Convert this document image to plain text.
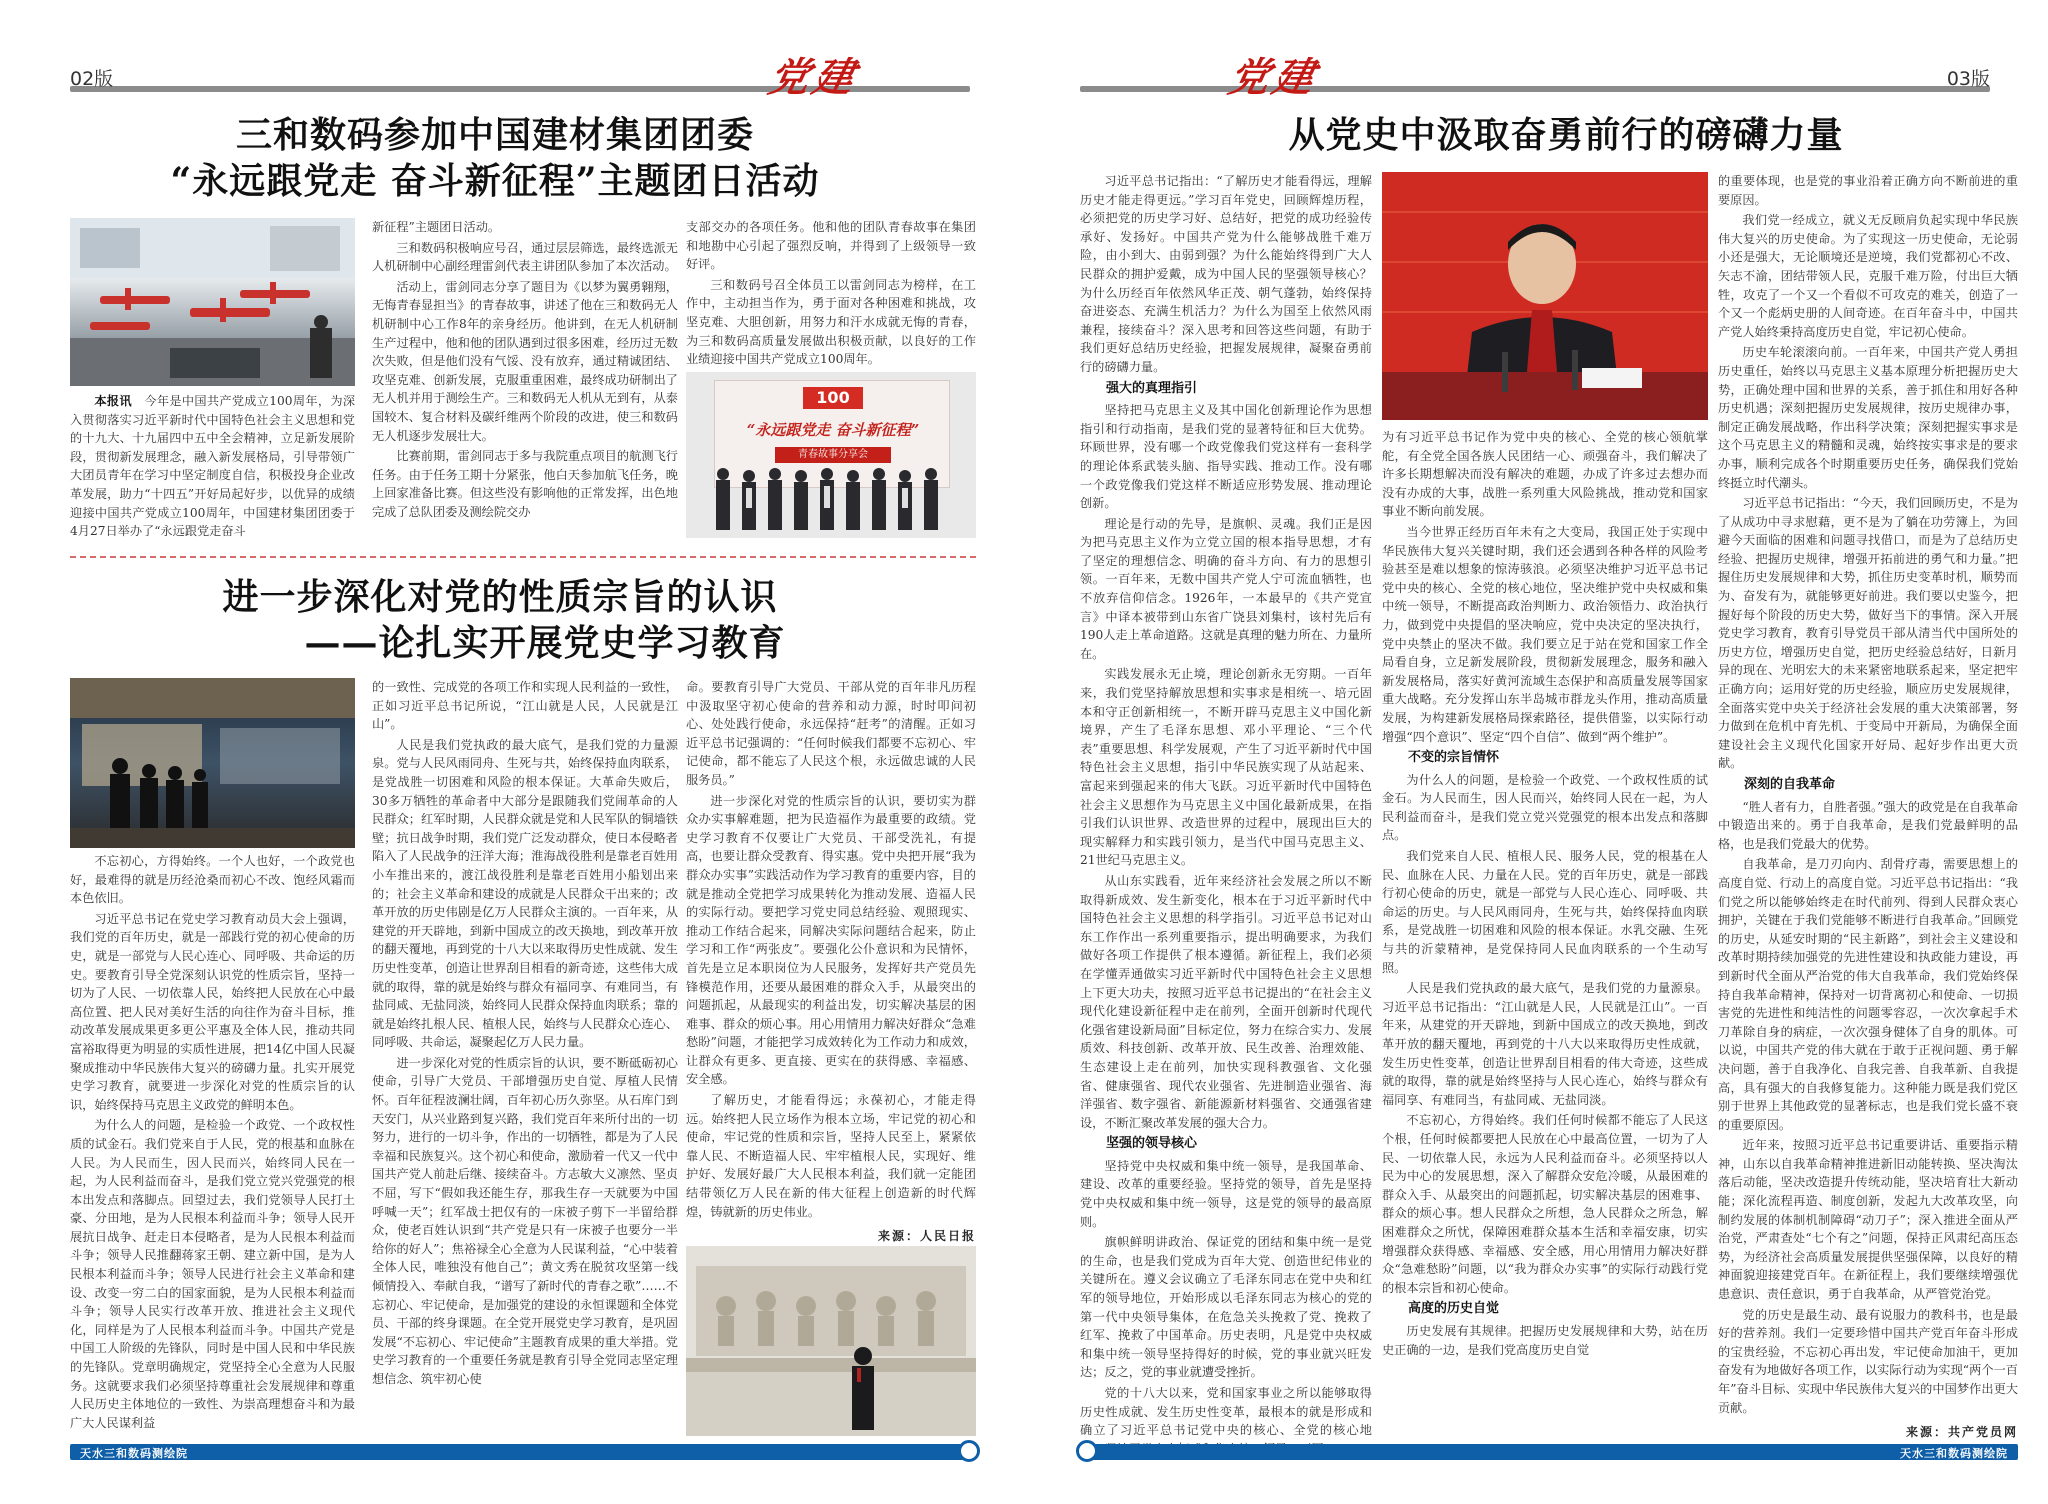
02版	党建
三和数码参加中国建材集团团委
“永远跟党走 奋斗新征程”主题团日活动

本报讯　 今年是中国共产党成立100周年，为深入贯彻落实习近平新时代中国特色社会主义思想和党的十九大、十九届四中五中全会精神，立足新发展阶段，贯彻新发展理念，融入新发展格局，引导带领广大团员青年在学习中坚定制度自信，积极投身企业改革发展，助力“十四五”开好局起好步，以优异的成绩迎接中国共产党成立100周年，中国建材集团团委于4月27日举办了“永远跟党走奋斗

新征程”主题团日活动。

三和数码积极响应号召，通过层层筛选，最终选派无人机研制中心副经理雷剑代表主讲团队参加了本次活动。

活动上，雷剑同志分享了题目为《以梦为翼勇翱翔，无悔青春显担当》的青春故事，讲述了他在三和数码无人机研制中心工作8年的亲身经历。他讲到，在无人机研制生产过程中，他和他的团队遇到过很多困难，经历过无数次失败，但是他们没有气馁、没有放弃，通过精诚团结、攻坚克难、创新发展，克服重重困难，最终成功研制出了无人机并用于测绘生产。三和数码无人机从无到有，从泰国较木、复合材料及碳纤维两个阶段的改进，使三和数码无人机逐步发展壮大。

比赛前期，雷剑同志于多与我院重点项目的航测飞行任务。由于任务工期十分紧张，他白天参加航飞任务，晚上回家准备比赛。但这些没有影响他的正常发挥，出色地完成了总队团委及测绘院交办

支部交办的各项任务。他和他的团队青春故事在集团和地勘中心引起了强烈反响，并得到了上级领导一致好评。

三和数码号召全体员工以雷剑同志为榜样，在工作中，主动担当作为，勇于面对各种困难和挑战，攻坚克难、大胆创新，用努力和汗水成就无悔的青春，为三和数码高质量发展做出积极贡献，以良好的工作业绩迎接中国共产党成立100周年。

100
“永远跟党走 奋斗新征程”
青春故事分享会
进一步深化对党的性质宗旨的认识
——论扎实开展党史学习教育

不忘初心，方得始终。一个人也好，一个政党也好，最难得的就是历经沧桑而初心不改、饱经风霜而本色依旧。

习近平总书记在党史学习教育动员大会上强调，我们党的百年历史，就是一部践行党的初心使命的历史，就是一部党与人民心连心、同呼吸、共命运的历史。要教育引导全党深刻认识党的性质宗旨，坚持一切为了人民、一切依靠人民，始终把人民放在心中最高位置、把人民对美好生活的向往作为奋斗目标，推动改革发展成果更多更公平惠及全体人民，推动共同富裕取得更为明显的实质性进展，把14亿中国人民凝聚成推动中华民族伟大复兴的磅礴力量。扎实开展党史学习教育，就要进一步深化对党的性质宗旨的认识，始终保持马克思主义政党的鲜明本色。

为什么人的问题，是检验一个政党、一个政权性质的试金石。我们党来自于人民，党的根基和血脉在人民。为人民而生，因人民而兴，始终同人民在一起，为人民利益而奋斗，是我们党立党兴党强党的根本出发点和落脚点。回望过去，我们党领导人民打土豪、分田地，是为人民根本利益而斗争；领导人民开展抗日战争、赶走日本侵略者，是为人民根本利益而斗争；领导人民推翻蒋家王朝、建立新中国，是为人民根本利益而斗争；领导人民进行社会主义革命和建设、改变一穷二白的国家面貌，是为人民根本利益而斗争；领导人民实行改革开放、推进社会主义现代化，同样是为了人民根本利益而斗争。中国共产党是中国工人阶级的先锋队，同时是中国人民和中华民族的先锋队。党章明确规定，党坚持全心全意为人民服务。这就要求我们必须坚持尊重社会发展规律和尊重人民历史主体地位的一致性、为崇高理想奋斗和为最广大人民谋利益

的一致性、完成党的各项工作和实现人民利益的一致性，正如习近平总书记所说，“江山就是人民，人民就是江山”。

人民是我们党执政的最大底气，是我们党的力量源泉。党与人民风雨同舟、生死与共，始终保持血肉联系，是党战胜一切困难和风险的根本保证。大革命失败后，30多万牺牲的革命者中大部分是跟随我们党闹革命的人民群众；红军时期，人民群众就是党和人民军队的铜墙铁壁；抗日战争时期，我们党广泛发动群众，使日本侵略者陷入了人民战争的汪洋大海；淮海战役胜利是靠老百姓用小车推出来的，渡江战役胜利是靠老百姓用小船划出来的；社会主义革命和建设的成就是人民群众干出来的；改革开放的历史伟剧是亿万人民群众主演的。一百年来，从建党的开天辟地，到新中国成立的改天换地，到改革开放的翻天覆地，再到党的十八大以来取得历史性成就、发生历史性变革，创造让世界刮目相看的新奇迹，这些伟大成就的取得，靠的就是始终与群众有福同享、有难同当，有盐同咸、无盐同淡，始终同人民群众保持血肉联系；靠的就是始终扎根人民、植根人民，始终与人民群众心连心、同呼吸、共命运，凝聚起亿万人民力量。

进一步深化对党的性质宗旨的认识，要不断砥砺初心使命，引导广大党员、干部增强历史自觉、厚植人民情怀。百年征程波澜壮阔，百年初心历久弥坚。从石库门到天安门，从兴业路到复兴路，我们党百年来所付出的一切努力，进行的一切斗争，作出的一切牺牲，都是为了人民幸福和民族复兴。这个初心和使命，激励着一代又一代中国共产党人前赴后继、接续奋斗。方志敏大义凛然、坚贞不屈，写下“假如我还能生存，那我生存一天就要为中国呼喊一天”；红军战士把仅有的一床被子剪下一半留给群众，使老百姓认识到“共产党是只有一床被子也要分一半给你的好人”；焦裕禄全心全意为人民谋利益，“心中装着全体人民，唯独没有他自己”；黄文秀在脱贫攻坚第一线倾情投入、奉献自我，“谱写了新时代的青春之歌”……不忘初心、牢记使命，是加强党的建设的永恒课题和全体党员、干部的终身课题。在全党开展党史学习教育，是巩固发展“不忘初心、牢记使命”主题教育成果的重大举措。党史学习教育的一个重要任务就是教育引导全党同志坚定理想信念、筑牢初心使

命。要教育引导广大党员、干部从党的百年非凡历程中汲取坚守初心使命的营养和动力源，时时叩问初心、处处践行使命，永远保持“赶考”的清醒。正如习近平总书记强调的：“任何时候我们都要不忘初心、牢记使命，都不能忘了人民这个根，永远做忠诚的人民服务员。”

进一步深化对党的性质宗旨的认识，要切实为群众办实事解难题，把为民造福作为最重要的政绩。党史学习教育不仅要让广大党员、干部受洗礼，有提高，也要让群众受教育、得实惠。党中央把开展“我为群众办实事”实践活动作为学习教育的重要内容，目的就是推动全党把学习成果转化为推动发展、造福人民的实际行动。要把学习党史同总结经验、观照现实、推动工作结合起来，同解决实际问题结合起来，防止学习和工作“两张皮”。要强化公仆意识和为民情怀，首先是立足本职岗位为人民服务，发挥好共产党员先锋模范作用，还要从最困难的群众入手，从最突出的问题抓起，从最现实的利益出发，切实解决基层的困难事、群众的烦心事。用心用情用力解决好群众“急难愁盼”问题，才能把学习成效转化为工作动力和成效，让群众有更多、更直接、更实在的获得感、幸福感、安全感。

了解历史，才能看得远；永葆初心，才能走得远。始终把人民立场作为根本立场，牢记党的初心和使命，牢记党的性质和宗旨，坚持人民至上，紧紧依靠人民、不断造福人民、牢牢植根人民，实现好、维护好、发展好最广大人民根本利益，我们就一定能团结带领亿万人民在新的伟大征程上创造新的时代辉煌，铸就新的历史伟业。

来源：人民日报

天水三和数码测绘院
党建	03版
从党史中汲取奋勇前行的磅礴力量

习近平总书记指出：“了解历史才能看得远，理解历史才能走得更远。”学习百年党史，回顾辉煌历程，必须把党的历史学习好、总结好，把党的成功经验传承好、发扬好。中国共产党为什么能够战胜千难万险，由小到大、由弱到强？为什么能始终得到广大人民群众的拥护爱戴，成为中国人民的坚强领导核心？为什么历经百年依然风华正茂、朝气蓬勃，始终保持奋进姿态、充满生机活力？为什么为国至上依然风雨兼程，接续奋斗？深入思考和回答这些问题，有助于我们更好总结历史经验，把握发展规律，凝聚奋勇前行的磅礴力量。

强大的真理指引

坚持把马克思主义及其中国化创新理论作为思想指引和行动指南，是我们党的显著特征和巨大优势。环顾世界，没有哪一个政党像我们党这样有一套科学的理论体系武装头脑、指导实践、推动工作。没有哪一个政党像我们党这样不断适应形势发展、推动理论创新。

理论是行动的先导，是旗帜、灵魂。我们正是因为把马克思主义作为立党立国的根本指导思想，才有了坚定的理想信念、明确的奋斗方向、有力的思想引领。一百年来，无数中国共产党人宁可流血牺牲，也不放弃信仰信念。1926年，一本最早的《共产党宣言》中译本被带到山东省广饶县刘集村，该村先后有190人走上革命道路。这就是真理的魅力所在、力量所在。

实践发展永无止境，理论创新永无穷期。一百年来，我们党坚持解放思想和实事求是相统一、培元固本和守正创新相统一，不断开辟马克思主义中国化新境界，产生了毛泽东思想、邓小平理论、“三个代表”重要思想、科学发展观，产生了习近平新时代中国特色社会主义思想，指引中华民族实现了从站起来、富起来到强起来的伟大飞跃。习近平新时代中国特色社会主义思想作为马克思主义中国化最新成果，在指引我们认识世界、改造世界的过程中，展现出巨大的现实解释力和实践引领力，是当代中国马克思主义、21世纪马克思主义。

从山东实践看，近年来经济社会发展之所以不断取得新成效、发生新变化，根本在于习近平新时代中国特色社会主义思想的科学指引。习近平总书记对山东工作作出一系列重要指示，提出明确要求，为我们做好各项工作提供了根本遵循。新征程上，我们必须在学懂弄通做实习近平新时代中国特色社会主义思想上下更大功夫，按照习近平总书记提出的“在社会主义现代化建设新征程中走在前列，全面开创新时代现代化强省建设新局面”目标定位，努力在综合实力、发展质效、科技创新、改革开放、民生改善、治理效能、生态建设上走在前列，加快实现科教强省、文化强省、健康强省、现代农业强省、先进制造业强省、海洋强省、数字强省、新能源新材料强省、交通强省建设，不断汇聚改革发展的强大合力。

坚强的领导核心

坚持党中央权威和集中统一领导，是我国革命、建设、改革的重要经验。坚持党的领导，首先是坚持党中央权威和集中统一领导，这是党的领导的最高原则。

旗帜鲜明讲政治、保证党的团结和集中统一是党的生命，也是我们党成为百年大党、创造世纪伟业的关键所在。遵义会议确立了毛泽东同志在党中央和红军的领导地位，开始形成以毛泽东同志为核心的党的第一代中央领导集体，在危急关头挽救了党、挽救了红军、挽救了中国革命。历史表明，凡是党中央权威和集中统一领导坚持得好的时候，党的事业就兴旺发达；反之，党的事业就遭受挫折。

党的十八大以来，党和国家事业之所以能够取得历史性成就、发生历史性变革，最根本的就是形成和确立了习近平总书记党中央的核心、全党的核心地

为有习近平总书记作为党中央的核心、全党的核心领航掌舵，有全党全国各族人民团结一心、顽强奋斗，我们解决了许多长期想解决而没有解决的难题，办成了许多过去想办而没有办成的大事，战胜一系列重大风险挑战，推动党和国家事业不断向前发展。

当今世界正经历百年未有之大变局，我国正处于实现中华民族伟大复兴关键时期，我们还会遇到各种各样的风险考验甚至是难以想象的惊涛骇浪。必须坚决维护习近平总书记党中央的核心、全党的核心地位，坚决维护党中央权威和集中统一领导，不断提高政治判断力、政治领悟力、政治执行力，做到党中央提倡的坚决响应，党中央决定的坚决执行，党中央禁止的坚决不做。我们要立足于站在党和国家工作全局看自身，立足新发展阶段，贯彻新发展理念，服务和融入新发展格局，落实好黄河流域生态保护和高质量发展等国家重大战略。充分发挥山东半岛城市群龙头作用，推动高质量发展，为构建新发展格局探索路径，提供借鉴，以实际行动增强“四个意识”、坚定“四个自信”、做到“两个维护”。

不变的宗旨情怀

为什么人的问题，是检验一个政党、一个政权性质的试金石。为人民而生，因人民而兴，始终同人民在一起，为人民利益而奋斗，是我们党立党兴党强党的根本出发点和落脚点。

我们党来自人民、植根人民、服务人民，党的根基在人民、血脉在人民、力量在人民。党的百年历史，就是一部践行初心使命的历史，就是一部党与人民心连心、同呼吸、共命运的历史。与人民风雨同舟，生死与共，始终保持血肉联系，是党战胜一切困难和风险的根本保证。水乳交融、生死与共的沂蒙精神，是党保持同人民血肉联系的一个生动写照。

人民是我们党执政的最大底气，是我们党的力量源泉。习近平总书记指出：“江山就是人民，人民就是江山”。一百年来，从建党的开天辟地，到新中国成立的改天换地，到改革开放的翻天覆地，再到党的十八大以来取得历史性成就，发生历史性变革，创造让世界刮目相看的伟大奇迹，这些成就的取得，靠的就是始终坚持与人民心连心，始终与群众有福同享、有难同当，有盐同咸、无盐同淡。

不忘初心，方得始终。我们任何时候都不能忘了人民这个根，任何时候都要把人民放在心中最高位置，一切为了人民、一切依靠人民，永远为人民利益而奋斗。必须坚持以人民为中心的发展思想，深入了解群众安危冷暖，从最困难的群众入手、从最突出的问题抓起，切实解决基层的困难事、群众的烦心事。想人民群众之所想，急人民群众之所急，解困难群众之所忧，保障困难群众基本生活和幸福安康，切实增强群众获得感、幸福感、安全感，用心用情用力解决好群众“急难愁盼”问题，以“我为群众办实事”的实际行动践行党的根本宗旨和初心使命。

高度的历史自觉

历史发展有其规律。把握历史发展规律和大势，站在历史正确的一边，是我们党高度历史自觉

的重要体现，也是党的事业沿着正确方向不断前进的重要原因。

我们党一经成立，就义无反顾肩负起实现中华民族伟大复兴的历史使命。为了实现这一历史使命，无论弱小还是强大，无论顺境还是逆境，我们党都初心不改、矢志不渝，团结带领人民，克服千难万险，付出巨大牺牲，攻克了一个又一个看似不可攻克的难关，创造了一个又一个彪炳史册的人间奇迹。在百年奋斗中，中国共产党人始终秉持高度历史自觉，牢记初心使命。

历史车轮滚滚向前。一百年来，中国共产党人勇担历史重任，始终以马克思主义基本原理分析把握历史大势，正确处理中国和世界的关系，善于抓住和用好各种历史机遇；深刻把握历史发展规律，按历史规律办事，制定正确发展战略，作出科学决策；深刻把握实事求是这个马克思主义的精髓和灵魂，始终按实事求是的要求办事，顺利完成各个时期重要历史任务，确保我们党始终挺立时代潮头。

习近平总书记指出：“今天，我们回顾历史，不是为了从成功中寻求慰藉，更不是为了躺在功劳簿上，为回避今天面临的困难和问题寻找借口，而是为了总结历史经验、把握历史规律，增强开拓前进的勇气和力量。”把握住历史发展规律和大势，抓住历史变革时机，顺势而为、奋发有为，就能够更好前进。我们要以史鉴今，把握好每个阶段的历史大势，做好当下的事情。深入开展党史学习教育，教育引导党员干部从清当代中国所处的历史方位，增强历史自觉，把历史经验总结好，日新月异的现在、光明宏大的未来紧密地联系起来，坚定把牢正确方向；运用好党的历史经验，顺应历史发展规律，全面落实党中央关于经济社会发展的重大决策部署，努力做到在危机中育先机、于变局中开新局，为确保全面建设社会主义现代化国家开好局、起好步作出更大贡献。

深刻的自我革命

“胜人者有力，自胜者强。”强大的政党是在自我革命中锻造出来的。勇于自我革命，是我们党最鲜明的品格，也是我们党最大的优势。

自我革命，是刀刃向内、刮骨疗毒，需要思想上的高度自觉、行动上的高度自觉。习近平总书记指出：“我们党之所以能够始终走在时代前列、得到人民群众衷心拥护，关键在于我们党能够不断进行自我革命。”回顾党的历史，从延安时期的“民主新路”，到社会主义建设和改革时期持续加强党的先进性建设和执政能力建设，再到新时代全面从严治党的伟大自我革命，我们党始终保持自我革命精神，保持对一切背离初心和使命、一切损害党的先进性和纯洁性的问题零容忍，一次次拿起手术刀革除自身的病症，一次次强身健体了自身的肌体。可以说，中国共产党的伟大就在于敢于正视问题、勇于解决问题，善于自我净化、自我完善、自我革新、自我提高，具有强大的自我修复能力。这种能力既是我们党区别于世界上其他政党的显著标志，也是我们党长盛不衰的重要原因。

近年来，按照习近平总书记重要讲话、重要指示精神，山东以自我革命精神推进新旧动能转换、坚决淘汰落后动能，坚决改造提升传统动能，坚决培育壮大新动能；深化流程再造、制度创新，发起九大改革攻坚，向制约发展的体制机制障碍“动刀子”；深入推进全面从严治党，严肃查处“七个有之”问题，保持正风肃纪高压态势，为经济社会高质量发展提供坚强保障，以良好的精神面貌迎接建党百年。在新征程上，我们要继续增强优患意识、责任意识，勇于自我革命，从严管党治党。

党的历史是最生动、最有说服力的教科书，也是最好的营养剂。我们一定要珍惜中国共产党百年奋斗形成的宝贵经验，不忘初心再出发，牢记使命加油干，更加奋发有为地做好各项工作，以实际行动为实现“两个一百年”奋斗目标、实现中华民族伟大复兴的中国梦作出更大贡献。

来源：共产党员网

天水三和数码测绘院
